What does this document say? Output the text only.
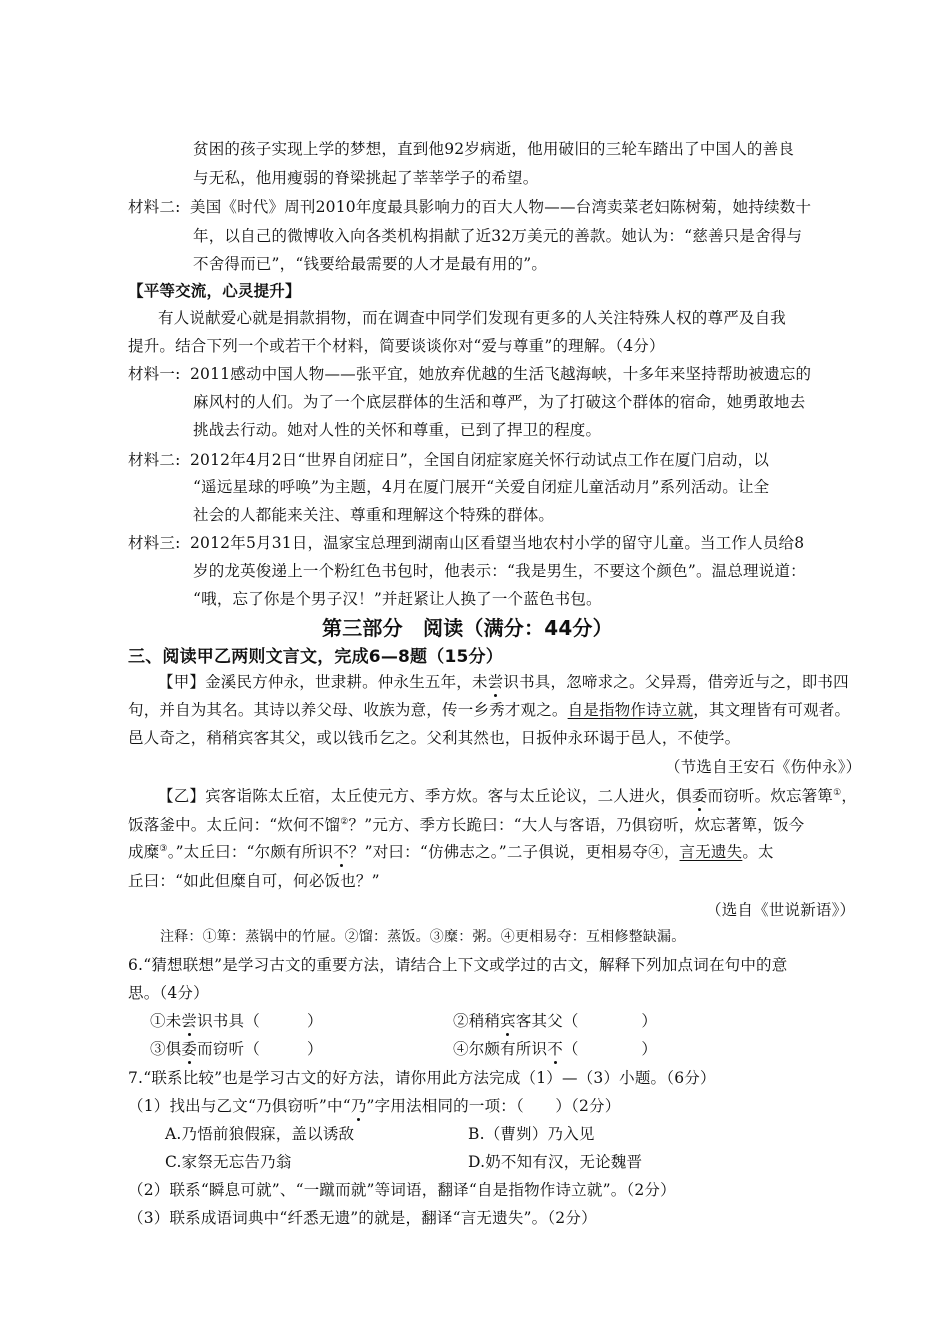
贫困的孩子实现上学的梦想，直到他92岁病逝，他用破旧的三轮车踏出了中国人的善良
与无私，他用瘦弱的脊梁挑起了莘莘学子的希望。
材料二: 美国《时代》周刊2010年度最具影响力的百大人物——台湾卖菜老妇陈树菊，她持续数十
年，以自己的微博收入向各类机构捐献了近32万美元的善款。她认为：“慈善只是舍得与
不舍得而已”，“钱要给最需要的人才是最有用的”。
【平等交流，心灵提升】
有人说献爱心就是捐款捐物，而在调查中同学们发现有更多的人关注特殊人权的尊严及自我
提升。结合下列一个或若干个材料，简要谈谈你对“爱与尊重”的理解。（4分）
材料一: 2011感动中国人物——张平宜，她放弃优越的生活飞越海峡，十多年来坚持帮助被遗忘的
麻风村的人们。为了一个底层群体的生活和尊严，为了打破这个群体的宿命，她勇敢地去
挑战去行动。她对人性的关怀和尊重，已到了捍卫的程度。
材料二: 2012年4月2日“世界自闭症日”，全国自闭症家庭关怀行动试点工作在厦门启动，以
“遥远星球的呼唤”为主题，4月在厦门展开“关爱自闭症儿童活动月”系列活动。让全
社会的人都能来关注、尊重和理解这个特殊的群体。
材料三: 2012年5月31日，温家宝总理到湖南山区看望当地农村小学的留守儿童。当工作人员给8
岁的龙英俊递上一个粉红色书包时，他表示：“我是男生，不要这个颜色”。温总理说道：
“哦，忘了你是个男子汉！”并赶紧让人换了一个蓝色书包。
第三部分　阅读（满分：44分）
三、阅读甲乙两则文言文，完成6—8题（15分）
【甲】金溪民方仲永，世隶耕。仲永生五年，未尝识书具，忽啼求之。父异焉，借旁近与之，即书四
句，并自为其名。其诗以养父母、收族为意，传一乡秀才观之。自是指物作诗立就，其文理皆有可观者。
邑人奇之，稍稍宾客其父，或以钱币乞之。父利其然也，日扳仲永环谒于邑人，不使学。
（节选自王安石《伤仲永》）
【乙】宾客诣陈太丘宿，太丘使元方、季方炊。客与太丘论议，二人进火，俱委而窃听。炊忘箸箄①，
饭落釜中。太丘问：“炊何不馏②？”元方、季方长跪曰：“大人与客语，乃俱窃听，炊忘著箄，饭今
成糜③。”太丘曰：“尔颇有所识不？”对曰：“仿佛志之。”二子俱说，更相易夺④，言无遗失。太
丘曰：“如此但糜自可，何必饭也？”
（选自《世说新语》）
注释：①箄：蒸锅中的竹屉。②馏：蒸饭。③糜：粥。④更相易夺：互相修整缺漏。
6.“猜想联想”是学习古文的重要方法，请结合上下文或学过的古文，解释下列加点词在句中的意
思。（4分）
①未尝识书具（　　　）	②稍稍宾客其父（　　　　）
③俱委而窃听（　　　）	④尔颇有所识不（　　　　）
7.“联系比较”也是学习古文的好方法，请你用此方法完成（1）—（3）小题。（6分）
（1）找出与乙文“乃俱窃听”中“乃”字用法相同的一项：（　　）（2分）
A.乃悟前狼假寐，盖以诱敌	B.（曹刿）乃入见
C.家祭无忘告乃翁	D.奶不知有汉，无论魏晋
（2）联系“瞬息可就”、“一蹴而就”等词语，翻译“自是指物作诗立就”。（2分）
（3）联系成语词典中“纤悉无遗”的就是，翻译“言无遗失”。（2分）
